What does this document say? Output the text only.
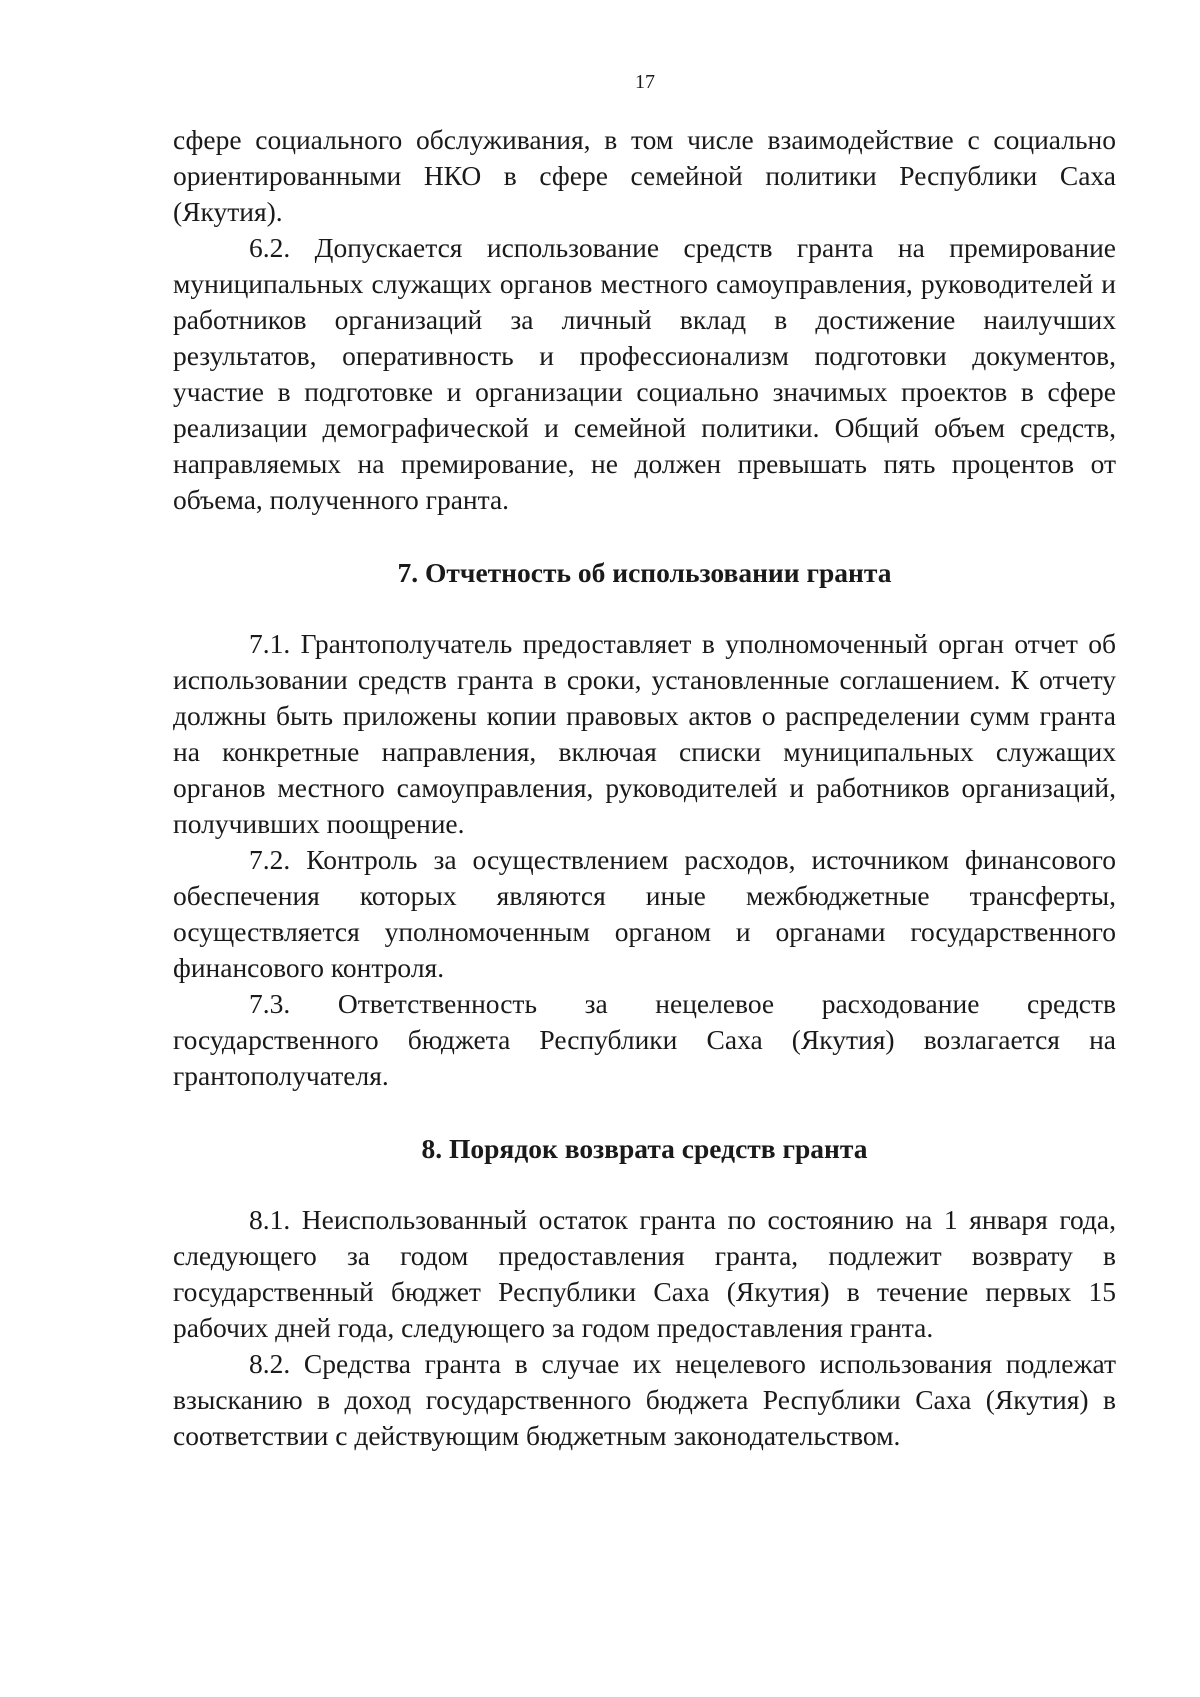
17

сфере социального обслуживания, в том числе взаимодействие с социально ориентированными НКО в сфере семейной политики Республики Саха (Якутия).

6.2. Допускается использование средств гранта на премирование муниципальных служащих органов местного самоуправления, руководителей и работников организаций за личный вклад в достижение наилучших результатов, оперативность и профессионализм подготовки документов, участие в подготовке и организации социально значимых проектов в сфере реализации демографической и семейной политики. Общий объем средств, направляемых на премирование, не должен превышать пять процентов от объема, полученного гранта.

7. Отчетность об использовании гранта

7.1. Грантополучатель предоставляет в уполномоченный орган отчет об использовании средств гранта в сроки, установленные соглашением. К отчету должны быть приложены копии правовых актов о распределении сумм гранта на конкретные направления, включая списки муниципальных служащих органов местного самоуправления, руководителей и работников организаций, получивших поощрение.

7.2. Контроль за осуществлением расходов, источником финансового обеспечения которых являются иные межбюджетные трансферты, осуществляется уполномоченным органом и органами государственного финансового контроля.

7.3. Ответственность за нецелевое расходование средств государственного бюджета Республики Саха (Якутия) возлагается на грантополучателя.

8. Порядок возврата средств гранта

8.1. Неиспользованный остаток гранта по состоянию на 1 января года, следующего за годом предоставления гранта, подлежит возврату в государственный бюджет Республики Саха (Якутия) в течение первых 15 рабочих дней года, следующего за годом предоставления гранта.

8.2. Средства гранта в случае их нецелевого использования подлежат взысканию в доход государственного бюджета Республики Саха (Якутия) в соответствии с действующим бюджетным законодательством.
